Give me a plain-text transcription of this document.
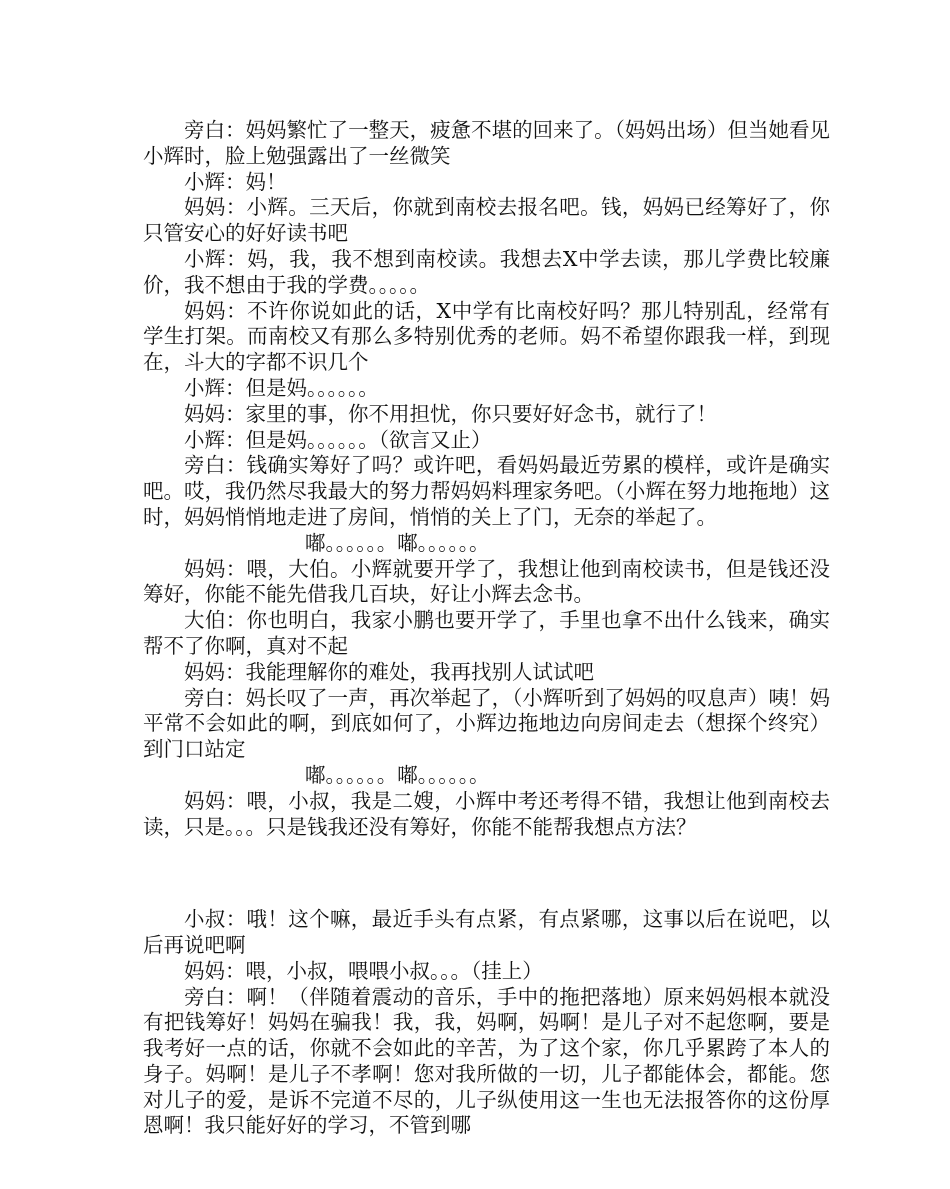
旁白：妈妈繁忙了一整天，疲惫不堪的回来了。（妈妈出场）但当她看见小辉时，脸上勉强露出了一丝微笑

小辉：妈！

妈妈：小辉。三天后，你就到南校去报名吧。钱，妈妈已经筹好了，你只管安心的好好读书吧

小辉：妈，我，我不想到南校读。我想去X中学去读，那儿学费比较廉价，我不想由于我的学费。。。。。

妈妈：不许你说如此的话，X中学有比南校好吗？那儿特别乱，经常有学生打架。而南校又有那么多特别优秀的老师。妈不希望你跟我一样，到现在，斗大的字都不识几个

小辉：但是妈。。。。。。

妈妈：家里的事，你不用担忧，你只要好好念书，就行了！

小辉：但是妈。。。。。。（欲言又止）

旁白：钱确实筹好了吗？或许吧，看妈妈最近劳累的模样，或许是确实吧。哎，我仍然尽我最大的努力帮妈妈料理家务吧。（小辉在努力地拖地）这时，妈妈悄悄地走进了房间，悄悄的关上了门，无奈的举起了。

嘟。。。。。。嘟。。。。。。

妈妈：喂，大伯。小辉就要开学了，我想让他到南校读书，但是钱还没筹好，你能不能先借我几百块，好让小辉去念书。

大伯：你也明白，我家小鹏也要开学了，手里也拿不出什么钱来，确实帮不了你啊，真对不起

妈妈：我能理解你的难处，我再找别人试试吧

旁白：妈长叹了一声，再次举起了，（小辉听到了妈妈的叹息声）咦！妈平常不会如此的啊，到底如何了，小辉边拖地边向房间走去（想探个终究）到门口站定

嘟。。。。。。嘟。。。。。。

妈妈：喂，小叔，我是二嫂，小辉中考还考得不错，我想让他到南校去读，只是。。。只是钱我还没有筹好，你能不能帮我想点方法？

小叔：哦！这个嘛，最近手头有点紧，有点紧哪，这事以后在说吧，以后再说吧啊

妈妈：喂，小叔，喂喂小叔。。。（挂上）

旁白：啊！（伴随着震动的音乐，手中的拖把落地）原来妈妈根本就没有把钱筹好！妈妈在骗我！我，我，妈啊，妈啊！是儿子对不起您啊，要是我考好一点的话，你就不会如此的辛苦，为了这个家，你几乎累跨了本人的身子。妈啊！是儿子不孝啊！您对我所做的一切，儿子都能体会，都能。您对儿子的爱，是诉不完道不尽的，儿子纵使用这一生也无法报答你的这份厚恩啊！我只能好好的学习，不管到哪
